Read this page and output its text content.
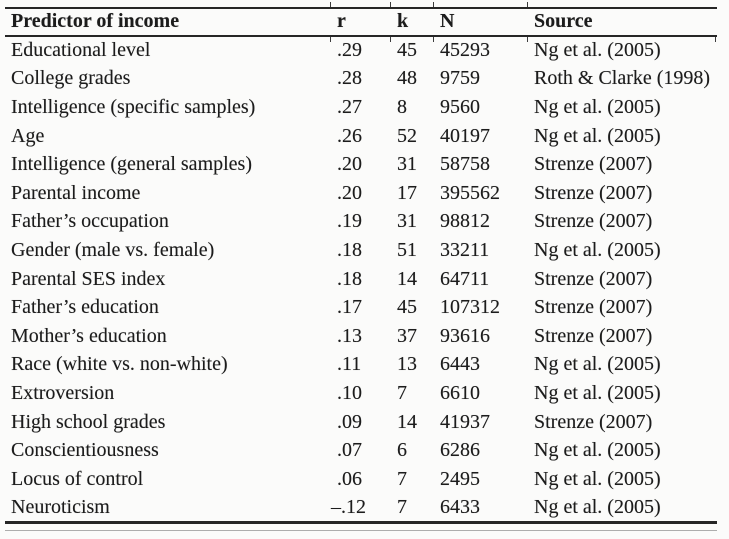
Predictor of income	r	k	N	Source
Educational level	.29	45	45293	Ng et al. (2005)
College grades	.28	48	9759	Roth & Clarke (1998)
Intelligence (specific samples)	.27	8	9560	Ng et al. (2005)
Age	.26	52	40197	Ng et al. (2005)
Intelligence (general samples)	.20	31	58758	Strenze (2007)
Parental income	.20	17	395562	Strenze (2007)
Father’s occupation	.19	31	98812	Strenze (2007)
Gender (male vs. female)	.18	51	33211	Ng et al. (2005)
Parental SES index	.18	14	64711	Strenze (2007)
Father’s education	.17	45	107312	Strenze (2007)
Mother’s education	.13	37	93616	Strenze (2007)
Race (white vs. non-white)	.11	13	6443	Ng et al. (2005)
Extroversion	.10	7	6610	Ng et al. (2005)
High school grades	.09	14	41937	Strenze (2007)
Conscientiousness	.07	6	6286	Ng et al. (2005)
Locus of control	.06	7	2495	Ng et al. (2005)
Neuroticism	–.12	7	6433	Ng et al. (2005)
